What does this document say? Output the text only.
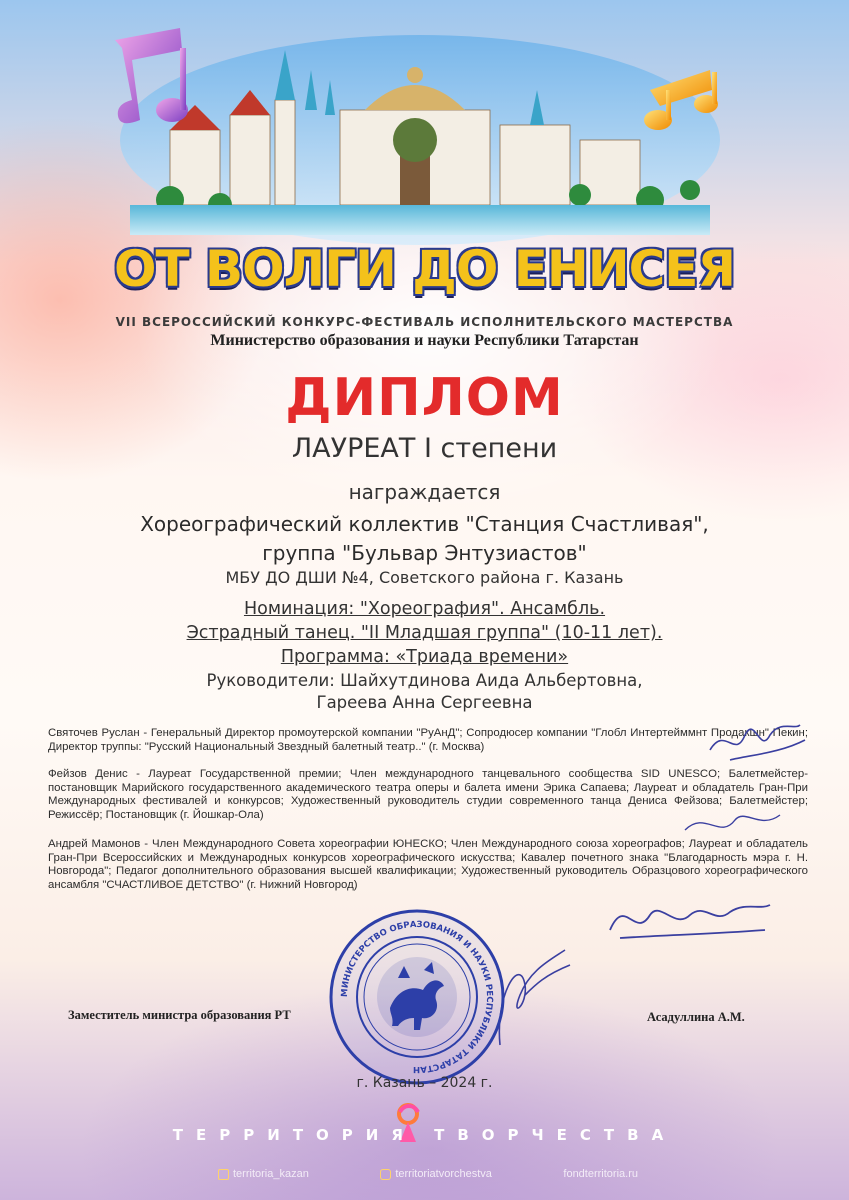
ОТ ВОЛГИ ДО ЕНИСЕЯ
VII ВСЕРОССИЙСКИЙ КОНКУРС-ФЕСТИВАЛЬ ИСПОЛНИТЕЛЬСКОГО МАСТЕРСТВА
Министерство образования и науки Республики Татарстан
ДИПЛОМ
ЛАУРЕАТ I степени
награждается
Хореографический коллектив "Станция Счастливая",
группа "Бульвар Энтузиастов"
МБУ ДО ДШИ №4, Советского района г. Казань
Номинация: "Хореография". Ансамбль.
Эстрадный танец. "II Младшая группа" (10-11 лет).
Программа: «Триада времени»
Руководители: Шайхутдинова Аида Альбертовна,
Гареева Анна Сергеевна
Святочев Руслан - Генеральный Директор промоутерской компании "РуАнД"; Сопродюсер компании "Глобл Интертейммнт Продакшн" Пекин; Директор труппы: "Русский Национальный Звездный балетный театр.." (г. Москва)
Фейзов Денис - Лауреат Государственной премии; Член международного танцевального сообщества SID UNESCO; Балетмейстер- постановщик Марийского государственного академического театра оперы и балета имени Эрика Сапаева; Лауреат и обладатель Гран-При Международных фестивалей и конкурсов; Художественный руководитель студии современного танца Дениса Фейзова; Балетмейстер; Режиссёр; Постановщик (г. Йошкар-Ола)
Андрей Мамонов - Член Международного Совета хореографии ЮНЕСКО; Член Международного союза хореографов; Лауреат и обладатель Гран-При Всероссийских и Международных конкурсов хореографического искусства; Кавалер почетного знака "Благодарность мэра г. Н. Новгорода"; Педагог дополнительного образования высшей квалификации; Художественный руководитель Образцового хореографического ансамбля "СЧАСТЛИВОЕ ДЕТСТВО" (г. Нижний Новгород)
МИНИСТЕРСТВО ОБРАЗОВАНИЯ И НАУКИ РЕСПУБЛИКИ ТАТАРСТАН
Заместитель министра образования РТ	Асадуллина А.М.
г. Казань – 2024 г.
ТЕРРИТОРИЯ ТВОРЧЕСТВА
territoria_kazan	territoriatvorchestva	fondterritoria.ru
